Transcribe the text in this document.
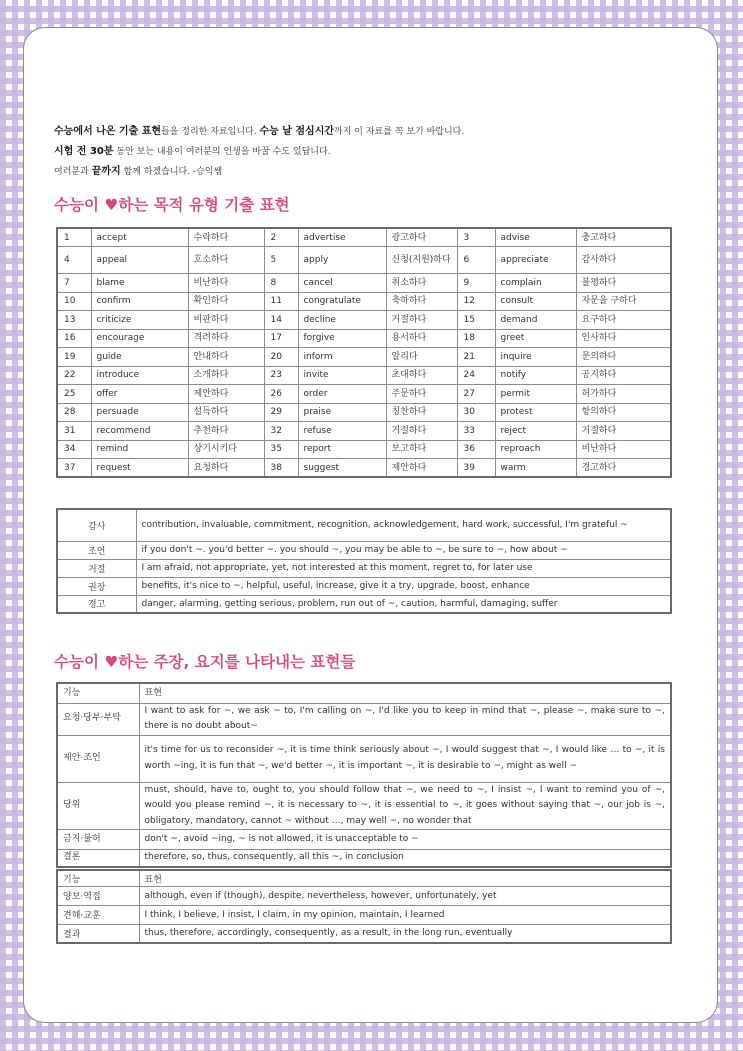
수능에서 나온 기출 표현들을 정리한 자료입니다. 수능 날 점심시간까지 이 자료를 꼭 보기 바랍니다.
시험 전 30분 동안 보는 내용이 여러분의 인생을 바꿀 수도 있답니다.
여러분과 끝까지 함께 하겠습니다. -승익쌤
수능이 ♥하는 목적 유형 기출 표현
1	accept	수락하다	2	advertise	광고하다	3	advise	충고하다
4	appeal	호소하다	5	apply	신청(지원)하다	6	appreciate	감사하다
7	blame	비난하다	8	cancel	취소하다	9	complain	불평하다
10	confirm	확인하다	11	congratulate	축하하다	12	consult	자문을 구하다
13	criticize	비판하다	14	decline	거절하다	15	demand	요구하다
16	encourage	격려하다	17	forgive	용서하다	18	greet	인사하다
19	guide	안내하다	20	inform	알리다	21	inquire	문의하다
22	introduce	소개하다	23	invite	초대하다	24	notify	공지하다
25	offer	제안하다	26	order	주문하다	27	permit	허가하다
28	persuade	설득하다	29	praise	칭찬하다	30	protest	항의하다
31	recommend	추천하다	32	refuse	거절하다	33	reject	거절하다
34	remind	상기시키다	35	report	보고하다	36	reproach	비난하다
37	request	요청하다	38	suggest	제안하다	39	warm	경고하다
감사	contribution, invaluable, commitment, recognition, acknowledgement, hard work, successful, I'm grateful ~
조언	if you don't ~. you'd better ~. you should ~, you may be able to ~, be sure to ~, how about ~
거절	I am afraid, not appropriate, yet, not interested at this moment, regret to, for later use
권장	benefits, it's nice to ~, helpful, useful, increase, give it a try, upgrade, boost, enhance
경고	danger, alarming, getting serious, problem, run out of ~, caution, harmful, damaging, suffer
수능이 ♥하는 주장, 요지를 나타내는 표현들
기능	표현
요청·당부·부탁	I want to ask for ~, we ask ~ to, I'm calling on ~, I'd like you to keep in mind that ~, please ~, make sure to ~, there is no doubt about~
제안·조언	it's time for us to reconsider ~, it is time think seriously about ~, I would suggest that ~, I would like … to ~, it is worth ~ing, it is fun that ~, we'd better ~, it is important ~, it is desirable to ~, might as well ~
당위	must, should, have to, ought to, you should follow that ~, we need to ~, I insist ~, I want to remind you of ~, would you please remind ~, it is necessary to ~, it is essential to ~, it goes without saying that ~, our job is ~, obligatory, mandatory, cannot ~ without …, may well ~, no wonder that
금지·불허	don't ~, avoid ~ing, ~ is not allowed, it is unacceptable to ~
결론	therefore, so, thus, consequently, all this ~, in conclusion
기능	표현
양보·역접	although, even if (though), despite, nevertheless, however, unfortunately, yet
견해·교훈	I think, I believe, I insist, I claim, in my opinion, maintain, I learned
결과	thus, therefore, accordingly, consequently, as a result, in the long run, eventually
